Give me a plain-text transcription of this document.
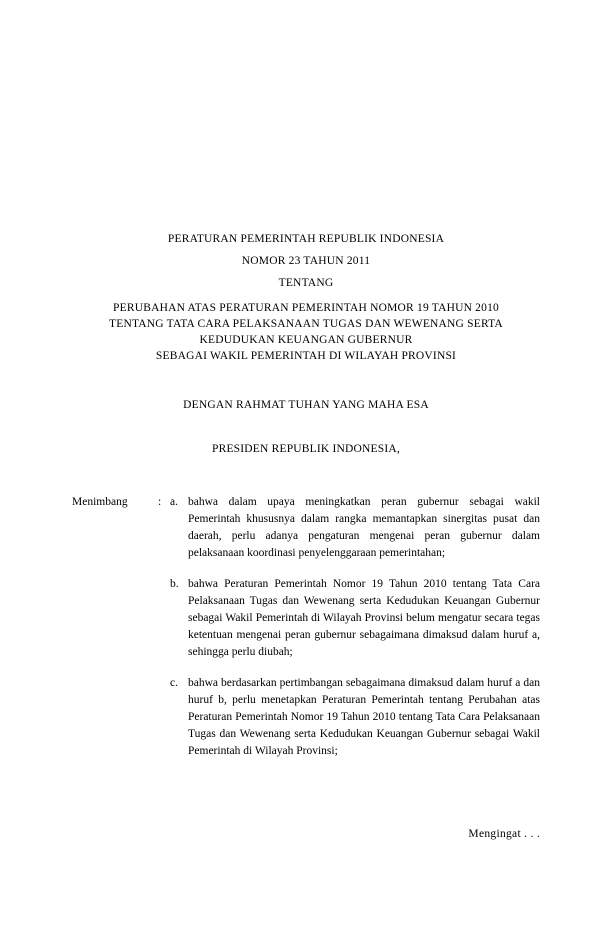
PERATURAN PEMERINTAH REPUBLIK INDONESIA
NOMOR 23 TAHUN 2011
TENTANG
PERUBAHAN ATAS PERATURAN PEMERINTAH NOMOR 19 TAHUN 2010
TENTANG TATA CARA PELAKSANAAN TUGAS DAN WEWENANG SERTA
KEDUDUKAN KEUANGAN GUBERNUR
SEBAGAI WAKIL PEMERINTAH DI WILAYAH PROVINSI
DENGAN RAHMAT TUHAN YANG MAHA ESA
PRESIDEN REPUBLIK INDONESIA,
Menimbang	: a. bahwa dalam upaya meningkatkan peran gubernur sebagai wakil Pemerintah khususnya dalam rangka memantapkan sinergitas pusat dan daerah, perlu adanya pengaturan mengenai peran gubernur dalam pelaksanaan koordinasi penyelenggaraan pemerintahan;
b. bahwa Peraturan Pemerintah Nomor 19 Tahun 2010 tentang Tata Cara Pelaksanaan Tugas dan Wewenang serta Kedudukan Keuangan Gubernur sebagai Wakil Pemerintah di Wilayah Provinsi belum mengatur secara tegas ketentuan mengenai peran gubernur sebagaimana dimaksud dalam huruf a, sehingga perlu diubah;
c. bahwa berdasarkan pertimbangan sebagaimana dimaksud dalam huruf a dan huruf b, perlu menetapkan Peraturan Pemerintah tentang Perubahan atas Peraturan Pemerintah Nomor 19 Tahun 2010 tentang Tata Cara Pelaksanaan Tugas dan Wewenang serta Kedudukan Keuangan Gubernur sebagai Wakil Pemerintah di Wilayah Provinsi;
Mengingat . . .
